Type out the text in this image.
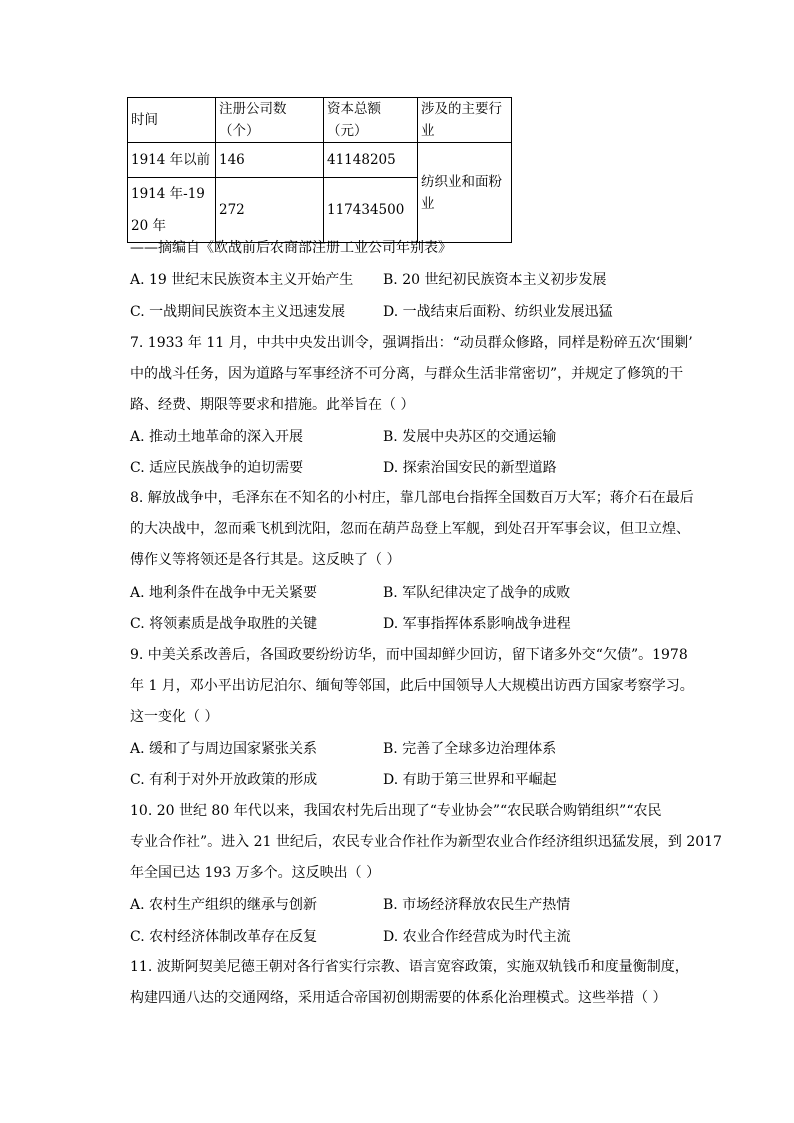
时间	注册公司数（个）	资本总额（元）	涉及的主要行业
1914 年以前	146	41148205	纺织业和面粉业

1914 年-1920 年	272	117434500	
——摘编自《欧战前后农商部注册工业公司年别表》
A. 19 世纪末民族资本主义开始产生 B. 20 世纪初民族资本主义初步发展
C. 一战期间民族资本主义迅速发展	D. 一战结束后面粉、纺织业发展迅猛
7. 1933 年 11 月，中共中央发出训令，强调指出：“动员群众修路，同样是粉碎五次‘围剿’
中的战斗任务，因为道路与军事经济不可分离，与群众生活非常密切”，并规定了修筑的干
路、经费、期限等要求和措施。此举旨在（ ）
A. 推动土地革命的深入开展	B. 发展中央苏区的交通运输
C. 适应民族战争的迫切需要	D. 探索治国安民的新型道路
8. 解放战争中，毛泽东在不知名的小村庄，靠几部电台指挥全国数百万大军；蒋介石在最后
的大决战中，忽而乘飞机到沈阳，忽而在葫芦岛登上军舰，到处召开军事会议，但卫立煌、
傅作义等将领还是各行其是。这反映了（ ）
A. 地利条件在战争中无关紧要	B. 军队纪律决定了战争的成败
C. 将领素质是战争取胜的关键	D. 军事指挥体系影响战争进程
9. 中美关系改善后，各国政要纷纷访华，而中国却鲜少回访，留下诸多外交“欠债”。1978
年 1 月，邓小平出访尼泊尔、缅甸等邻国，此后中国领导人大规模出访西方国家考察学习。
这一变化（ ）
A. 缓和了与周边国家紧张关系	B. 完善了全球多边治理体系
C. 有利于对外开放政策的形成	D. 有助于第三世界和平崛起
10. 20 世纪 80 年代以来，我国农村先后出现了“专业协会”“农民联合购销组织”“农民
专业合作社”。进入 21 世纪后，农民专业合作社作为新型农业合作经济组织迅猛发展，到 2017
年全国已达 193 万多个。这反映出（ ）
A. 农村生产组织的继承与创新	B. 市场经济释放农民生产热情
C. 农村经济体制改革存在反复	D. 农业合作经营成为时代主流
11. 波斯阿契美尼德王朝对各行省实行宗教、语言宽容政策，实施双轨钱币和度量衡制度，
构建四通八达的交通网络，采用适合帝国初创期需要的体系化治理模式。这些举措（ ）
